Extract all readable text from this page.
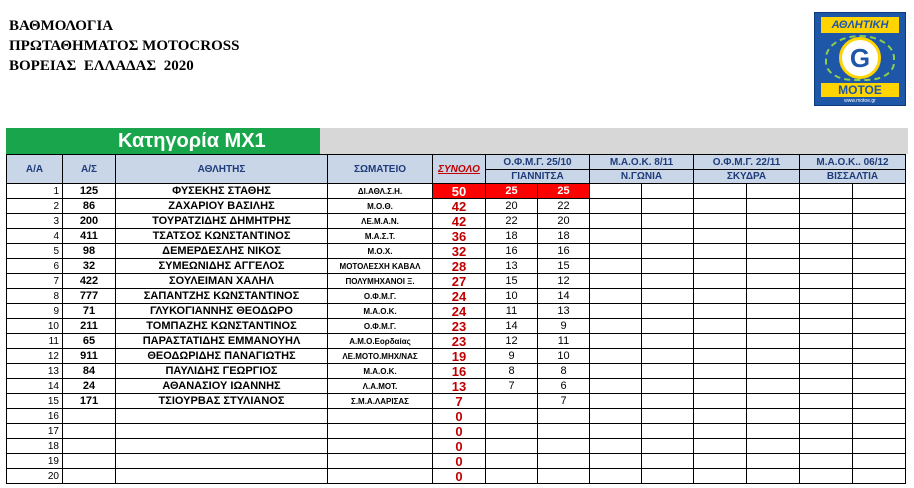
ΒΑΘΜΟΛΟΓΙΑ
ΠΡΩΤΑΘΗΜΑΤΟΣ MOTOCROSS
ΒΟΡΕΙΑΣ  ΕΛΛΑΔΑΣ  2020
ΑΘΛΗΤΙΚΗ
G
MOTOE
www.motoe.gr
Κατηγορία MX1
Α/Α	Α/Σ	ΑΘΛΗΤΗΣ	ΣΩΜΑΤΕΙΟ	ΣΥΝΟΛΟ	Ο.Φ.Μ.Γ. 25/10		Μ.Α.Ο.Κ. 8/11		Ο.Φ.Μ.Γ. 22/11		Μ.Α.Ο.Κ.. 06/12	
					ΓΙΑΝΝΙΤΣΑ		Ν.ΓΩΝΙΑ		ΣΚΥΔΡΑ		ΒΙΣΣΑΛΤΙΑ	
1	125	ΦΥΣΕΚΗΣ ΣΤΑΘΗΣ	ΔΙ.ΑΘΛ.Σ.Η.	50	25	25						
2	86	ΖΑΧΑΡΙΟΥ ΒΑΣΙΛΗΣ	Μ.Ο.Θ.	42	20	22						
3	200	ΤΟΥΡΑΤΖΙΔΗΣ ΔΗΜΗΤΡΗΣ	ΛΕ.Μ.Α.Ν.	42	22	20						
4	411	ΤΣΑΤΣΟΣ ΚΩΝΣΤΑΝΤΙΝΟΣ	Μ.Α.Σ.Τ.	36	18	18						
5	98	ΔΕΜΕΡΔΕΣΛΗΣ ΝΙΚΟΣ	Μ.Ο.Χ.	32	16	16						
6	32	ΣΥΜΕΩΝΙΔΗΣ ΑΓΓΕΛΟΣ	ΜΟΤΟΛΕΣΧΗ ΚΑΒΑΛ	28	13	15						
7	422	ΣΟΥΛΕΙΜΑΝ ΧΑΛΗΛ	ΠΟΛΥΜΗΧΑΝΟΙ Ξ.	27	15	12						
8	777	ΣΑΠΑΝΤΖΗΣ ΚΩΝΣΤΑΝΤΙΝΟΣ	Ο.Φ.Μ.Γ.	24	10	14						
9	71	ΓΛΥΚΟΓΙΑΝΝΗΣ ΘΕΟΔΩΡΟ	Μ.Α.Ο.Κ.	24	11	13						
10	211	ΤΟΜΠΑΖΗΣ ΚΩΝΣΤΑΝΤΙΝΟΣ	Ο.Φ.Μ.Γ.	23	14	9						
11	65	ΠΑΡΑΣΤΑΤΙΔΗΣ ΕΜΜΑΝΟΥΗΛ	Α.Μ.Ο.Εορδαίας	23	12	11						
12	911	ΘΕΟΔΩΡΙΔΗΣ ΠΑΝΑΓΙΩΤΗΣ	ΛΕ.ΜΟΤΟ.ΜΗΧ/ΝΑΣ	19	9	10						
13	84	ΠΑΥΛΙΔΗΣ ΓΕΩΡΓΙΟΣ	Μ.Α.Ο.Κ.	16	8	8						
14	24	ΑΘΑΝΑΣΙΟΥ ΙΩΑΝΝΗΣ	Λ.Α.ΜΟΤ.	13	7	6						
15	171	ΤΣΙΟΥΡΒΑΣ ΣΤΥΛΙΑΝΟΣ	Σ.Μ.Α.ΛΑΡΙΣΑΣ	7		7						
16				0								
17				0								
18				0								
19				0								
20				0								
